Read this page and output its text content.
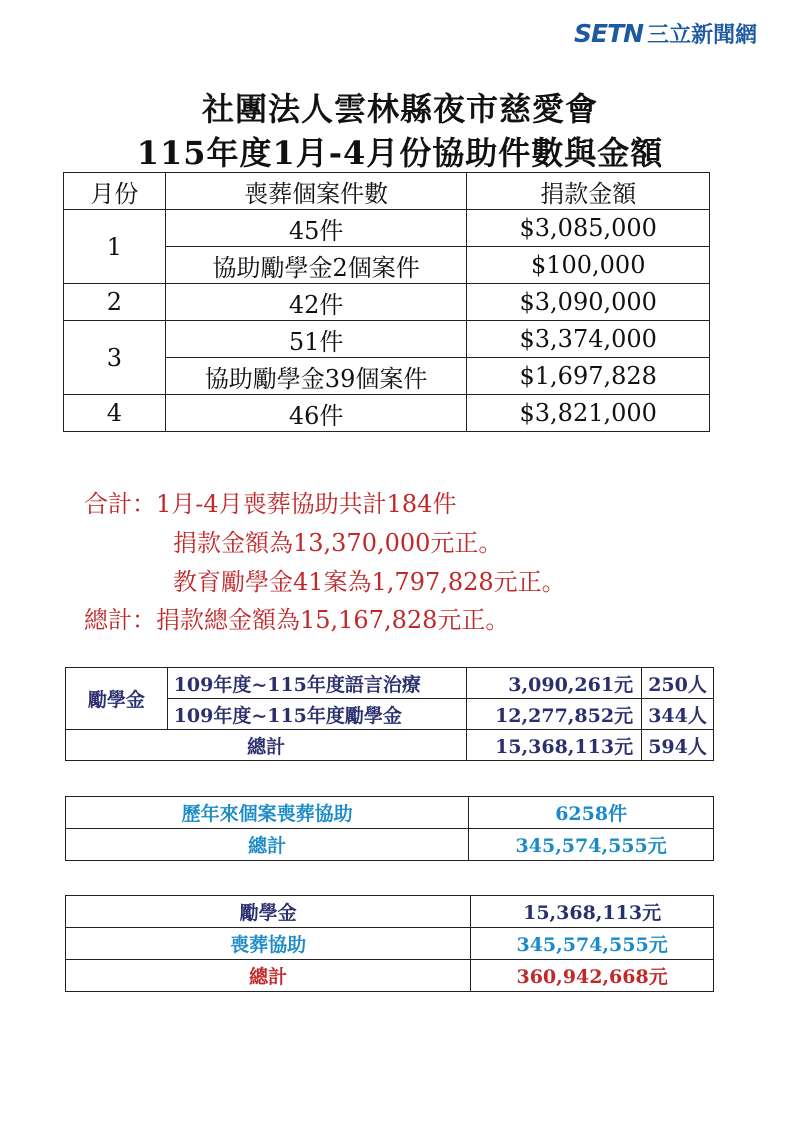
SETN 三立新聞網
社團法人雲林縣夜市慈愛會
115年度1月-4月份協助件數與金額
月份	喪葬個案件數	捐款金額
1	45件	$3,085,000
	協助勵學金2個案件	$100,000
2	42件	$3,090,000
3	51件	$3,374,000
	協助勵學金39個案件	$1,697,828
4	46件	$3,821,000
合計：1月-4月喪葬協助共計184件
捐款金額為13,370,000元正。
教育勵學金41案為1,797,828元正。
總計：捐款總金額為15,167,828元正。
勵學金	109年度~115年度語言治療	3,090,261元	250人
	109年度~115年度勵學金	12,277,852元	344人
總計		15,368,113元	594人
歷年來個案喪葬協助	6258件
總計	345,574,555元
勵學金	15,368,113元
喪葬協助	345,574,555元
總計	360,942,668元
